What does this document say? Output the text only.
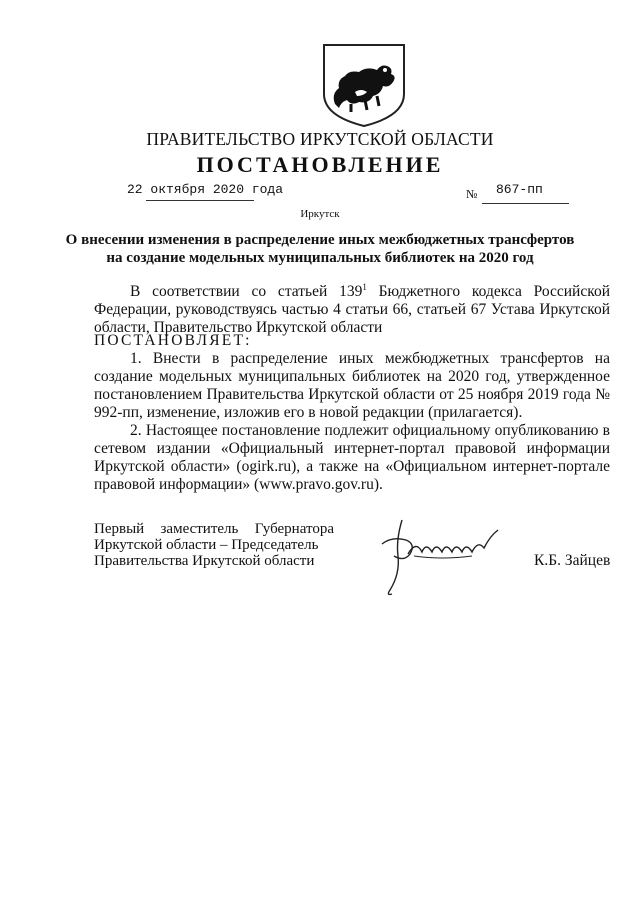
ПРАВИТЕЛЬСТВО ИРКУТСКОЙ ОБЛАСТИ
ПОСТАНОВЛЕНИЕ
22 октября 2020 года	№ 867-пп
Иркутск
О внесении изменения в распределение иных межбюджетных трансфертов
на создание модельных муниципальных библиотек на 2020 год

В соответствии со статьей $139^1$ Бюджетного кодекса Российской Федерации, руководствуясь частью 4 статьи 66, статьей 67 Устава Иркутской области, Правительство Иркутской области

ПОСТАНОВЛЯЕТ:

1. Внести в распределение иных межбюджетных трансфертов на создание модельных муниципальных библиотек на 2020 год, утвержденное постановлением Правительства Иркутской области от 25 ноября 2019 года № 992-пп, изменение, изложив его в новой редакции (прилагается).

2. Настоящее постановление подлежит официальному опубликованию в сетевом издании «Официальный интернет-портал правовой информации Иркутской области» (ogirk.ru), а также на «Официальном интернет-портале правовой информации» (www.pravo.gov.ru).

Первый заместитель Губернатора
Иркутской области – Председатель
Правительства Иркутской области	К.Б. Зайцев
